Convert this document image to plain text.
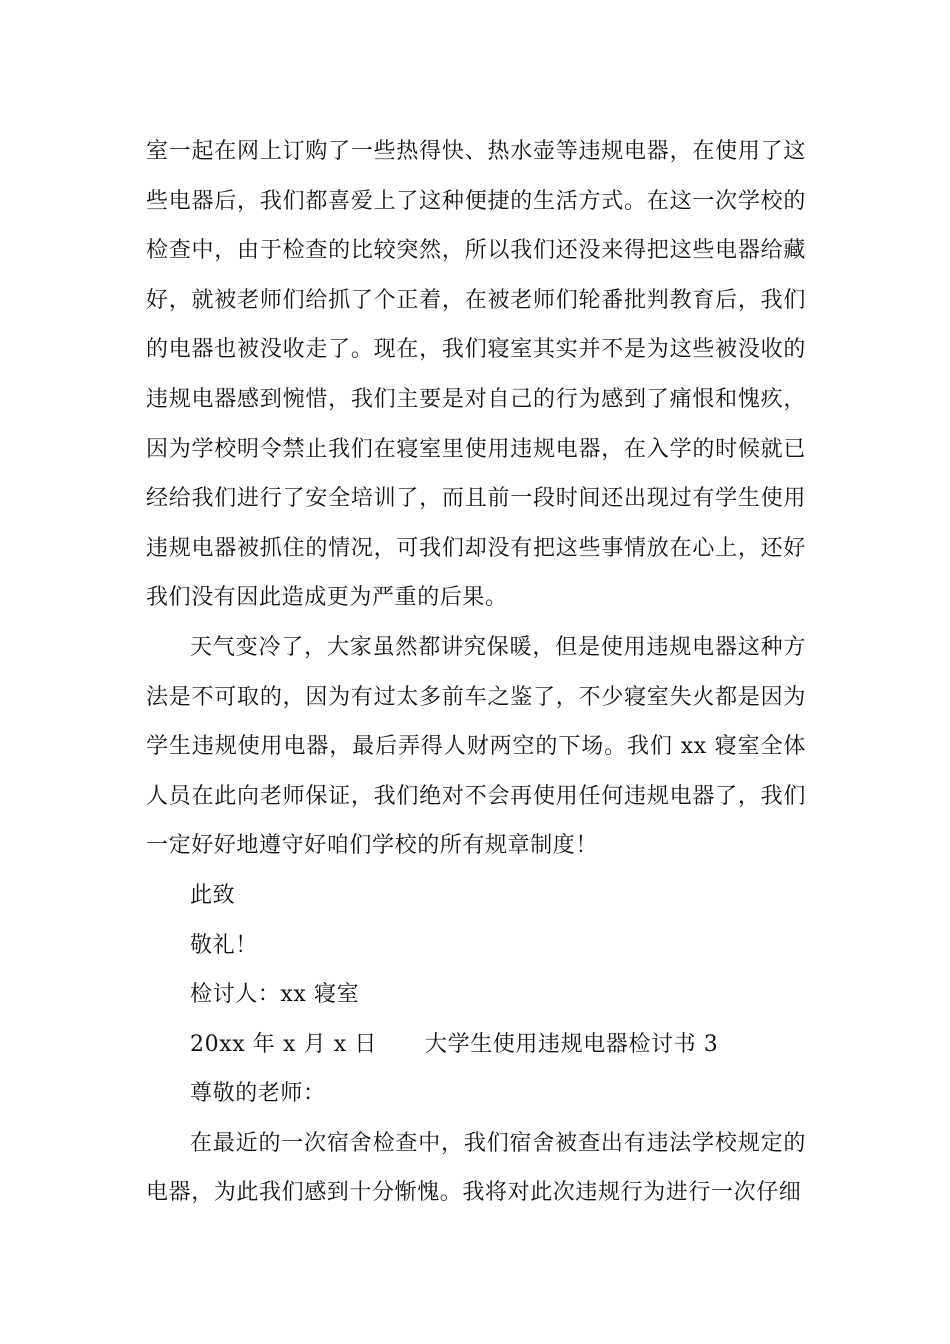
室一起在网上订购了一些热得快、热水壶等违规电器，在使用了这些电器后，我们都喜爱上了这种便捷的生活方式。在这一次学校的检查中，由于检查的比较突然，所以我们还没来得把这些电器给藏好，就被老师们给抓了个正着，在被老师们轮番批判教育后，我们的电器也被没收走了。现在，我们寝室其实并不是为这些被没收的违规电器感到惋惜，我们主要是对自己的行为感到了痛恨和愧疚，因为学校明令禁止我们在寝室里使用违规电器，在入学的时候就已经给我们进行了安全培训了，而且前一段时间还出现过有学生使用违规电器被抓住的情况，可我们却没有把这些事情放在心上，还好我们没有因此造成更为严重的后果。

天气变冷了，大家虽然都讲究保暖，但是使用违规电器这种方法是不可取的，因为有过太多前车之鉴了，不少寝室失火都是因为学生违规使用电器，最后弄得人财两空的下场。我们 xx 寝室全体人员在此向老师保证，我们绝对不会再使用任何违规电器了，我们一定好好地遵守好咱们学校的所有规章制度！

此致

敬礼！

检讨人：xx 寝室

20xx 年 x 月 x 日 大学生使用违规电器检讨书 3

尊敬的老师：

在最近的一次宿舍检查中，我们宿舍被查出有违法学校规定的电器，为此我们感到十分惭愧。我将对此次违规行为进行一次仔细
